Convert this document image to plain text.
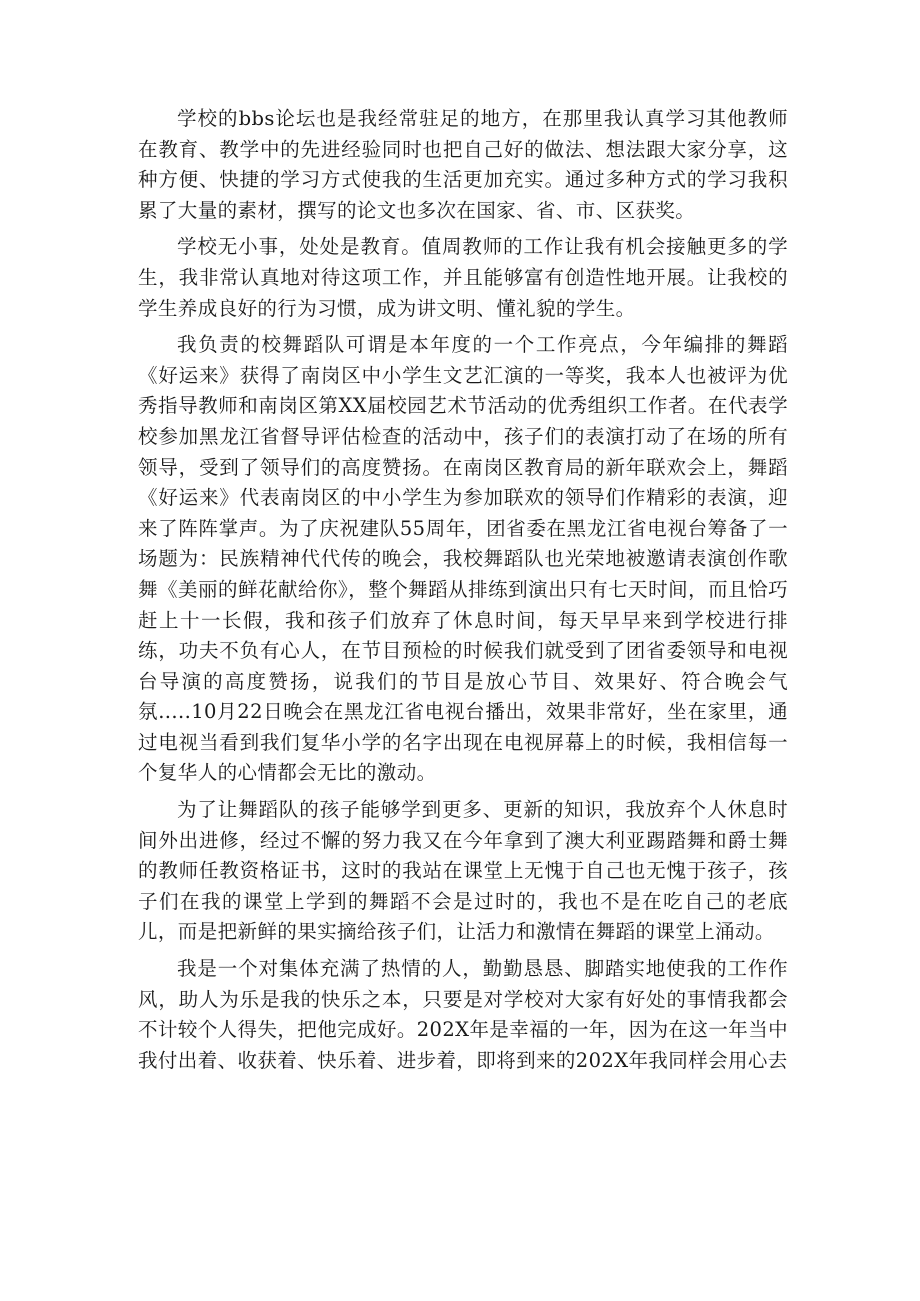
学校的bbs论坛也是我经常驻足的地方，在那里我认真学习其他教师在教育、教学中的先进经验同时也把自己好的做法、想法跟大家分享，这种方便、快捷的学习方式使我的生活更加充实。通过多种方式的学习我积累了大量的素材，撰写的论文也多次在国家、省、市、区获奖。

学校无小事，处处是教育。值周教师的工作让我有机会接触更多的学生，我非常认真地对待这项工作，并且能够富有创造性地开展。让我校的学生养成良好的行为习惯，成为讲文明、懂礼貌的学生。

我负责的校舞蹈队可谓是本年度的一个工作亮点，今年编排的舞蹈《好运来》获得了南岗区中小学生文艺汇演的一等奖，我本人也被评为优秀指导教师和南岗区第XX届校园艺术节活动的优秀组织工作者。在代表学校参加黑龙江省督导评估检查的活动中，孩子们的表演打动了在场的所有领导，受到了领导们的高度赞扬。在南岗区教育局的新年联欢会上，舞蹈《好运来》代表南岗区的中小学生为参加联欢的领导们作精彩的表演，迎来了阵阵掌声。为了庆祝建队55周年，团省委在黑龙江省电视台筹备了一场题为：民族精神代代传的晚会，我校舞蹈队也光荣地被邀请表演创作歌舞《美丽的鲜花献给你》，整个舞蹈从排练到演出只有七天时间，而且恰巧赶上十一长假，我和孩子们放弃了休息时间，每天早早来到学校进行排练，功夫不负有心人，在节目预检的时候我们就受到了团省委领导和电视台导演的高度赞扬，说我们的节目是放心节目、效果好、符合晚会气氛.....10月22日晚会在黑龙江省电视台播出，效果非常好，坐在家里，通过电视当看到我们复华小学的名字出现在电视屏幕上的时候，我相信每一个复华人的心情都会无比的激动。

为了让舞蹈队的孩子能够学到更多、更新的知识，我放弃个人休息时间外出进修，经过不懈的努力我又在今年拿到了澳大利亚踢踏舞和爵士舞的教师任教资格证书，这时的我站在课堂上无愧于自己也无愧于孩子，孩子们在我的课堂上学到的舞蹈不会是过时的，我也不是在吃自己的老底儿，而是把新鲜的果实摘给孩子们，让活力和激情在舞蹈的课堂上涌动。

我是一个对集体充满了热情的人，勤勤恳恳、脚踏实地使我的工作作风，助人为乐是我的快乐之本，只要是对学校对大家有好处的事情我都会不计较个人得失，把他完成好。202X年是幸福的一年，因为在这一年当中我付出着、收获着、快乐着、进步着，即将到来的202X年我同样会用心去
